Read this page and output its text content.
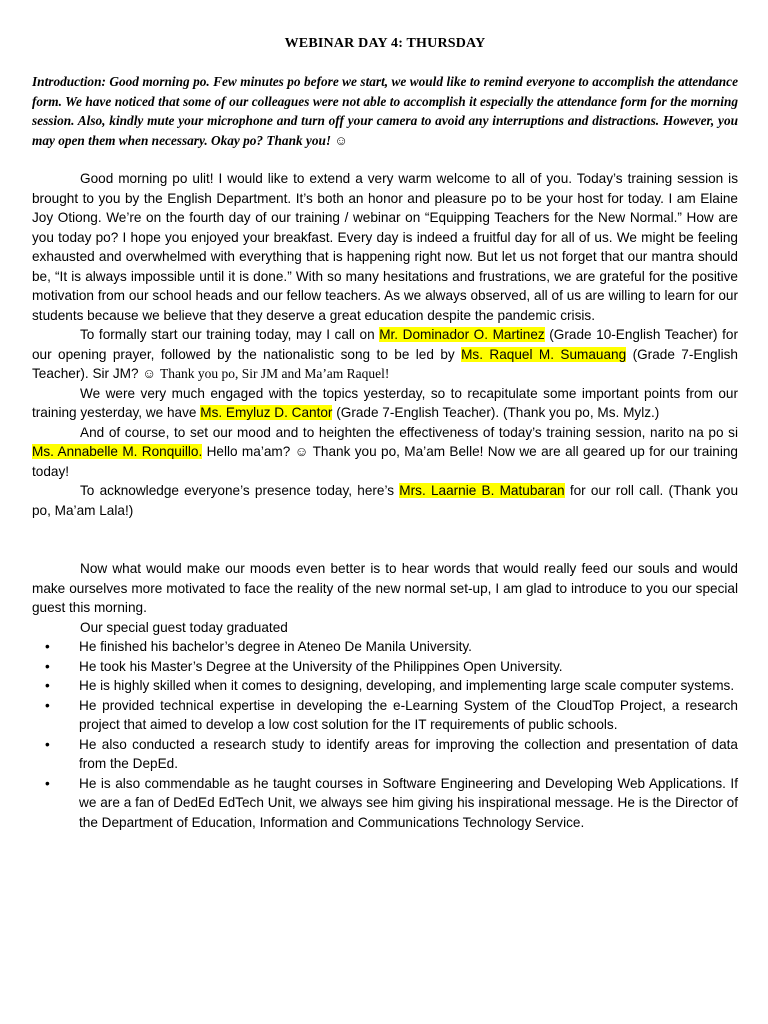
WEBINAR DAY 4: THURSDAY
Introduction: Good morning po. Few minutes po before we start, we would like to remind everyone to accomplish the attendance form. We have noticed that some of our colleagues were not able to accomplish it especially the attendance form for the morning session. Also, kindly mute your microphone and turn off your camera to avoid any interruptions and distractions. However, you may open them when necessary. Okay po? Thank you! ☺

Good morning po ulit! I would like to extend a very warm welcome to all of you. Today’s training session is brought to you by the English Department. It’s both an honor and pleasure po to be your host for today. I am Elaine Joy Otiong. We’re on the fourth day of our training / webinar on “Equipping Teachers for the New Normal.” How are you today po? I hope you enjoyed your breakfast. Every day is indeed a fruitful day for all of us. We might be feeling exhausted and overwhelmed with everything that is happening right now. But let us not forget that our mantra should be, “It is always impossible until it is done.” With so many hesitations and frustrations, we are grateful for the positive motivation from our school heads and our fellow teachers. As we always observed, all of us are willing to learn for our students because we believe that they deserve a great education despite the pandemic crisis.

To formally start our training today, may I call on Mr. Dominador O. Martinez (Grade 10-English Teacher) for our opening prayer, followed by the nationalistic song to be led by Ms. Raquel M. Sumauang (Grade 7-English Teacher). Sir JM? ☺ Thank you po, Sir JM and Ma’am Raquel!

We were very much engaged with the topics yesterday, so to recapitulate some important points from our training yesterday, we have Ms. Emyluz D. Cantor (Grade 7-English Teacher). (Thank you po, Ms. Mylz.)

And of course, to set our mood and to heighten the effectiveness of today’s training session, narito na po si Ms. Annabelle M. Ronquillo. Hello ma’am? ☺ Thank you po, Ma’am Belle! Now we are all geared up for our training today!

To acknowledge everyone’s presence today, here’s Mrs. Laarnie B. Matubaran for our roll call. (Thank you po, Ma’am Lala!)

Now what would make our moods even better is to hear words that would really feed our souls and would make ourselves more motivated to face the reality of the new normal set-up, I am glad to introduce to you our special guest this morning.

Our special guest today graduated

• He finished his bachelor’s degree in Ateneo De Manila University.
• He took his Master’s Degree at the University of the Philippines Open University.
• He is highly skilled when it comes to designing, developing, and implementing large scale computer systems.
• He provided technical expertise in developing the e-Learning System of the CloudTop Project, a research project that aimed to develop a low cost solution for the IT requirements of public schools.
• He also conducted a research study to identify areas for improving the collection and presentation of data from the DepEd.
• He is also commendable as he taught courses in Software Engineering and Developing Web Applications. If we are a fan of DedEd EdTech Unit, we always see him giving his inspirational message. He is the Director of the Department of Education, Information and Communications Technology Service.
